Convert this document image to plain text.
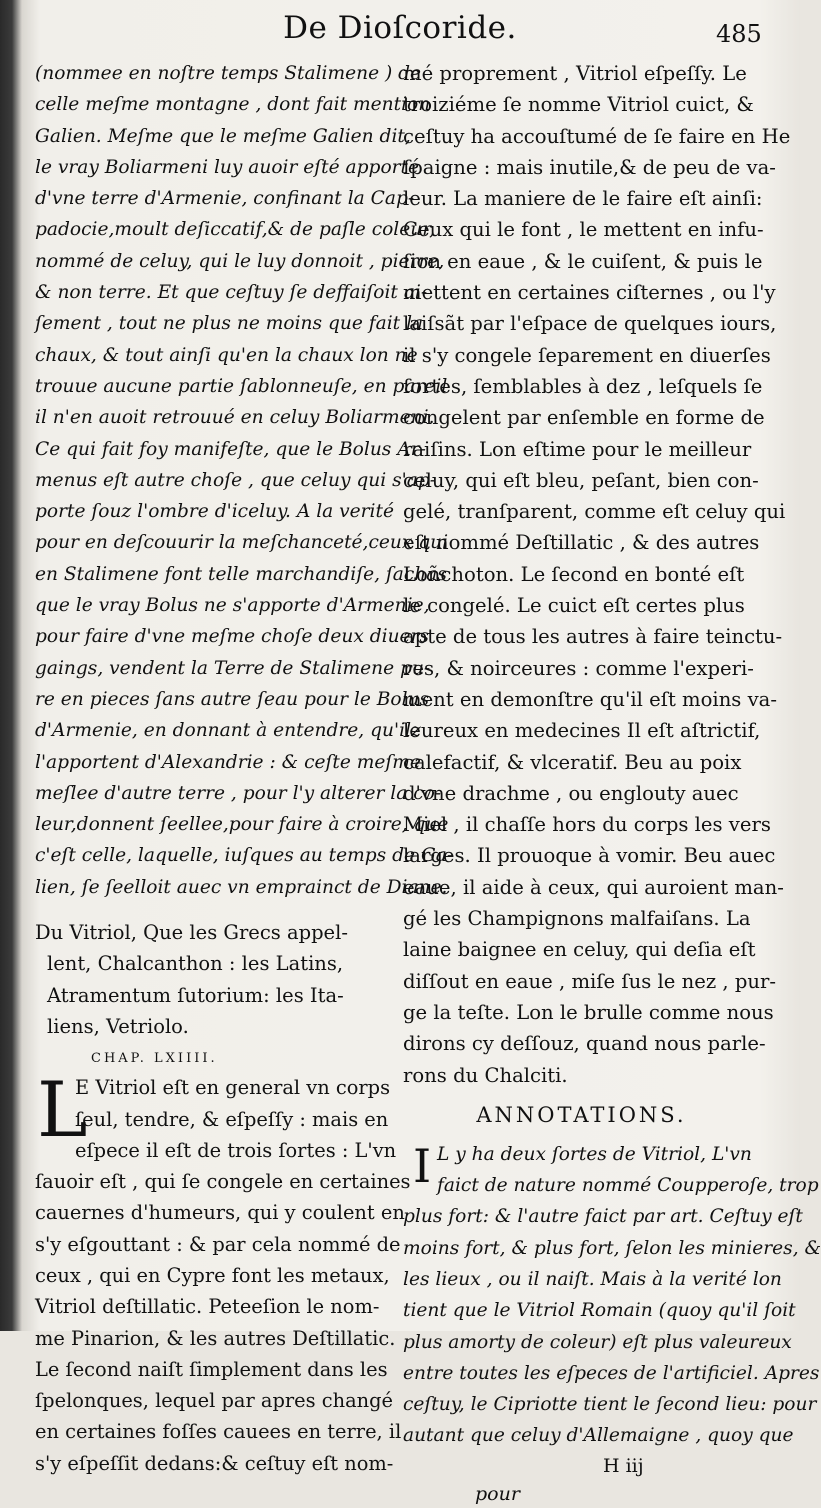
De Dioſcoride.	485
(nommee en noſtre temps Stalimene ) de
celle meſme montagne , dont fait mention
Galien. Meſme que le meſme Galien dit,
le vray Boliarmeni luy auoir eſté apporté
d'vne terre d'Armenie, confinant la Cap-
padocie,moult deſiccatif,& de paſle coleur,
nommé de celuy, qui le luy donnoit , pierre,
& non terre. Et que ceſtuy ſe deffaiſoit ai-
ſement , tout ne plus ne moins que fait la
chaux, & tout ainſi qu'en la chaux lon ne
trouue aucune partie ſablonneuſe, en pareil
il n'en auoit retrouué en celuy Boliarmeni.
Ce qui fait foy manifeſte, que le Bolus Ar-
menus eſt autre choſe , que celuy qui s'ap-
porte ſouz l'ombre d'iceluy. A la verité
pour en deſcouurir la meſchanceté,ceux qui
en Stalimene font telle marchandiſe, ſachãs
que le vray Bolus ne s'apporte d'Armenie,
pour faire d'vne meſme choſe deux diuers
gaings, vendent la Terre de Stalimene pu-
re en pieces ſans autre ſeau pour le Bolus
d'Armenie, en donnant à entendre, qu'ilz
l'apportent d'Alexandrie : & ceſte meſme
meſlee d'autre terre , pour l'y alterer la co-
leur,donnent ſeellee,pour faire à croire, que
c'eſt celle, laquelle, iuſques au temps de Ga-
lien, ſe ſeelloit auec vn emprainct de Diane.
Du Vitriol, Que les Grecs appel-
lent, Chalcanthon : les Latins,
Atramentum ſutorium: les Ita-
liens, Vetriolo.
CHAP. LXIIII.
L
E Vitriol eſt en general vn corps
ſeul, tendre, & eſpeſſy : mais en
eſpece il eſt de trois ſortes : L'vn
ſauoir eſt , qui ſe congele en certaines
cauernes d'humeurs, qui y coulent en
s'y eſgouttant : & par cela nommé de
ceux , qui en Cypre font les metaux,
Vitriol deſtillatic. Peteeſion le nom-
me Pinarion, & les autres Deſtillatic.
Le ſecond naiſt ſimplement dans les
ſpelonques, lequel par apres changé
en certaines foſſes cauees en terre, il
s'y eſpeſſit dedans:& ceſtuy eſt nom-
mé proprement , Vitriol eſpeſſy. Le
troiziéme ſe nomme Vitriol cuict, &
ceſtuy ha accouſtumé de ſe faire en He
ſpaigne : mais inutile,& de peu de va-
leur. La maniere de le faire eſt ainſi:
Ceux qui le font , le mettent en infu-
ſion en eaue , & le cuiſent, & puis le
mettent en certaines ciſternes , ou l'y
laiſsãt par l'eſpace de quelques iours,
il s'y congele ſeparement en diuerſes
ſortes, ſemblables à dez , leſquels ſe
congelent par enſemble en forme de
raiſins. Lon eſtime pour le meilleur
celuy, qui eſt bleu, peſant, bien con-
gelé, tranſparent, comme eſt celuy qui
eſt nommé Deſtillatic , & des autres
Lonchoton. Le ſecond en bonté eſt
le congelé. Le cuict eſt certes plus
apte de tous les autres à faire teinctu-
res, & noirceures : comme l'experi-
ment en demonſtre qu'il eſt moins va-
leureux en medecines Il eſt aſtrictif,
calefactif, & vlceratif. Beu au poix
d'vne drachme , ou englouty auec
Miel , il chaſſe hors du corps les vers
larges. Il prouoque à vomir. Beu auec
eaue, il aide à ceux, qui auroient man-
gé les Champignons malfaiſans. La
laine baignee en celuy, qui deſia eſt
diſſout en eaue , miſe ſus le nez , pur-
ge la teſte. Lon le brulle comme nous
dirons cy deſſouz, quand nous parle-
rons du Chalciti.
ANNOTATIONS.
I L y ha deux ſortes de Vitriol, L'vn
faict de nature nommé Coupperoſe, trop
plus fort: & l'autre faict par art. Ceſtuy eſt
moins fort, & plus fort, ſelon les minieres, &
les lieux , ou il naiſt. Mais à la verité lon
tient que le Vitriol Romain (quoy qu'il ſoit
plus amorty de coleur) eſt plus valeureux
entre toutes les eſpeces de l'artificiel. Apres
ceſtuy, le Cipriotte tient le ſecond lieu: pour
autant que celuy d'Allemaigne , quoy que
H iij pour
